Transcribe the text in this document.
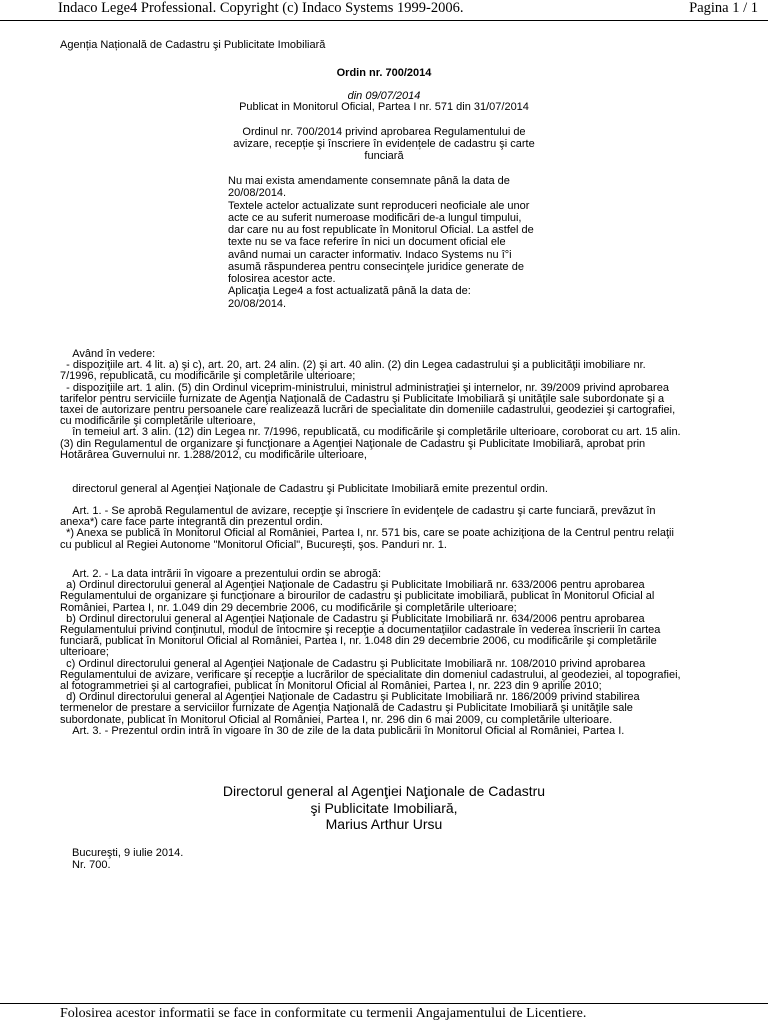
Indaco Lege4 Professional. Copyright (c) Indaco Systems 1999-2006.	Pagina 1 / 1
Agenția Națională de Cadastru şi Publicitate Imobiliară
Ordin nr. 700/2014
din 09/07/2014
Publicat in Monitorul Oficial, Partea I nr. 571 din 31/07/2014
Ordinul nr. 700/2014 privind aprobarea Regulamentului de
avizare, recepție şi înscriere în evidențele de cadastru şi carte
funciară
Nu mai exista amendamente consemnate până la data de
20/08/2014.
Textele actelor actualizate sunt reproduceri neoficiale ale unor
acte ce au suferit numeroase modificări de-a lungul timpului,
dar care nu au fost republicate în Monitorul Oficial. La astfel de
texte nu se va face referire în nici un document oficial ele
având numai un caracter informativ. Indaco Systems nu î°i
asumă răspunderea pentru consecinţele juridice generate de
folosirea acestor acte.
Aplicaţia Lege4 a fost actualizată până la data de:
20/08/2014.
Având în vedere:
- dispoziţiile art. 4 lit. a) şi c), art. 20, art. 24 alin. (2) şi art. 40 alin. (2) din Legea cadastrului şi a publicităţii imobiliare nr.
7/1996, republicată, cu modificările şi completările ulterioare;
- dispoziţiile art. 1 alin. (5) din Ordinul viceprim-ministrului, ministrul administraţiei şi internelor, nr. 39/2009 privind aprobarea
tarifelor pentru serviciile furnizate de Agenţia Naţională de Cadastru şi Publicitate Imobiliară şi unităţile sale subordonate şi a
taxei de autorizare pentru persoanele care realizează lucrări de specialitate din domeniile cadastrului, geodeziei şi cartografiei,
cu modificările şi completările ulterioare,
în temeiul art. 3 alin. (12) din Legea nr. 7/1996, republicată, cu modificările şi completările ulterioare, coroborat cu art. 15 alin.
(3) din Regulamentul de organizare şi funcţionare a Agenţiei Naţionale de Cadastru şi Publicitate Imobiliară, aprobat prin
Hotărârea Guvernului nr. 1.288/2012, cu modificările ulterioare,
directorul general al Agenţiei Naţionale de Cadastru şi Publicitate Imobiliară emite prezentul ordin.
Art. 1. - Se aprobă Regulamentul de avizare, recepţie şi înscriere în evidenţele de cadastru şi carte funciară, prevăzut în
anexa*) care face parte integrantă din prezentul ordin.
*) Anexa se publică în Monitorul Oficial al României, Partea I, nr. 571 bis, care se poate achiziţiona de la Centrul pentru relaţii
cu publicul al Regiei Autonome "Monitorul Oficial", Bucureşti, şos. Panduri nr. 1.
Art. 2. - La data intrării în vigoare a prezentului ordin se abrogă:
a) Ordinul directorului general al Agenţiei Naţionale de Cadastru şi Publicitate Imobiliară nr. 633/2006 pentru aprobarea
Regulamentului de organizare şi funcţionare a birourilor de cadastru şi publicitate imobiliară, publicat în Monitorul Oficial al
României, Partea I, nr. 1.049 din 29 decembrie 2006, cu modificările şi completările ulterioare;
b) Ordinul directorului general al Agenţiei Naţionale de Cadastru şi Publicitate Imobiliară nr. 634/2006 pentru aprobarea
Regulamentului privind conţinutul, modul de întocmire şi recepţie a documentaţiilor cadastrale în vederea înscrierii în cartea
funciară, publicat în Monitorul Oficial al României, Partea I, nr. 1.048 din 29 decembrie 2006, cu modificările şi completările
ulterioare;
c) Ordinul directorului general al Agenţiei Naţionale de Cadastru şi Publicitate Imobiliară nr. 108/2010 privind aprobarea
Regulamentului de avizare, verificare şi recepţie a lucrărilor de specialitate din domeniul cadastrului, al geodeziei, al topografiei,
al fotogrammetriei şi al cartografiei, publicat în Monitorul Oficial al României, Partea I, nr. 223 din 9 aprilie 2010;
d) Ordinul directorului general al Agenţiei Naţionale de Cadastru şi Publicitate Imobiliară nr. 186/2009 privind stabilirea
termenelor de prestare a serviciilor furnizate de Agenţia Naţională de Cadastru şi Publicitate Imobiliară şi unităţile sale
subordonate, publicat în Monitorul Oficial al României, Partea I, nr. 296 din 6 mai 2009, cu completările ulterioare.
Art. 3. - Prezentul ordin intră în vigoare în 30 de zile de la data publicării în Monitorul Oficial al României, Partea I.
Directorul general al Agenţiei Naţionale de Cadastru
şi Publicitate Imobiliară,
Marius Arthur Ursu
Bucureşti, 9 iulie 2014.
Nr. 700.
Folosirea acestor informatii se face in conformitate cu termenii Angajamentului de Licentiere.
